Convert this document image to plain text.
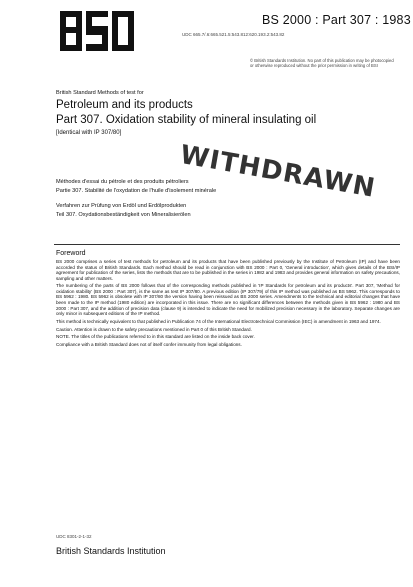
BSI
BS 2000 : Part 307 : 1983
UDC 665.7/.6:665.521.5:543.812:620.193.2:543.82
© British Standards Institution. No part of this publication may be photocopied or otherwise reproduced without the prior permission in writing of BSI
British Standard Methods of test for
Petroleum and its products
Part 307. Oxidation stability of mineral insulating oil
[Identical with IP 307/80]
WITHDRAWN
Méthodes d'essai du pétrole et des produits pétroliers
Partie 307. Stabilité de l'oxydation de l'huile d'isolement minérale
Verfahren zur Prüfung von Erdöl und Erdölprodukten
Teil 307. Oxydationsbeständigkeit von Mineralisierölen
Foreword

BS 2000 comprises a series of test methods for petroleum and its products that have been published previously by the Institute of Petroleum (IP) and have been accorded the status of British Standards. Each method should be read in conjunction with BS 2000 : Part 0, 'General introduction', which gives details of the BSI/IP agreement for publication of the series, lists the methods that are to be published in the series in 1982 and 1983 and provides general information on safety precautions, sampling and other matters.

The numbering of the parts of BS 2000 follows that of the corresponding methods published in 'IP Standards for petroleum and its products'. Part 307, 'Method for oxidation stability' (BS 2000 : Part 307), is the same as test IP 307/80. A previous edition (IP 307/79) of this IP method was published as BS 5962. This corresponds to BS 5962 : 1980. BS 5962 is obsolete with IP 307/80 the version having been reissued as BS 2000 series. Amendments to the technical and editorial changes that have been made to the IP method (1980 edition) are incorporated in this issue. There are no significant differences between the methods given in BS 5962 : 1980 and BS 2000 : Part 307, and the addition of precision data (clause 9) is intended to indicate the need for mobilized precision necessary in the laboratory. Separate changes are only minor in subsequent editions of the IP method.

This method is technically equivalent to that published in Publication 74 of the International Electrotechnical Commission (IEC) in amendment in 1963 and 1974.

Caution. Attention is drawn to the safety precautions mentioned in Part 0 of this British Standard.

NOTE. The titles of the publications referred to in this standard are listed on the inside back cover.

Compliance with a British Standard does not of itself confer immunity from legal obligations.

UDC 8301-2-1-32
British Standards Institution
